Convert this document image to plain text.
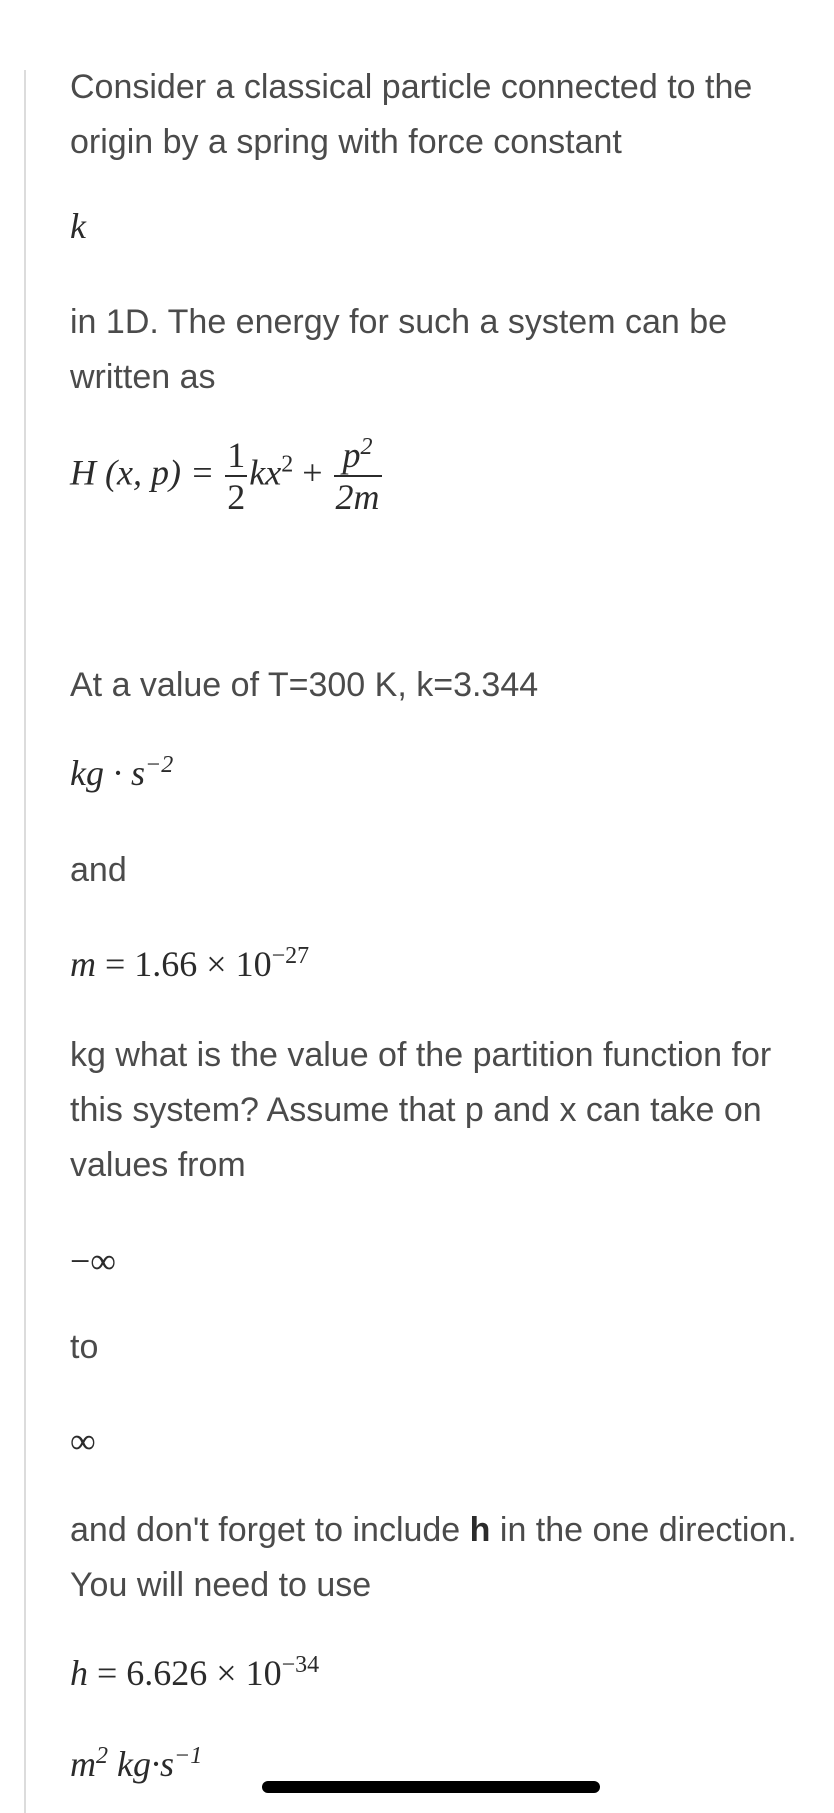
Consider a classical particle connected to the origin by a spring with force constant

k

in 1D. The energy for such a system can be written as

H (x, $p) = \frac{1}{2} kx^2 + \frac{p^2}{2m}$

At a value of T=300 K, k=3.344

kg · $s^{-2}$

and

$m = 1.66 \times 10^{-27}$

kg what is the value of the partition function for this system? Assume that p and x can take on values from

−∞

to

∞

and don't forget to include h in the one direction. You will need to use

$h = 6.626 \times 10^{-34}$
$m^2$ $kg\cdot s^{-1}$
